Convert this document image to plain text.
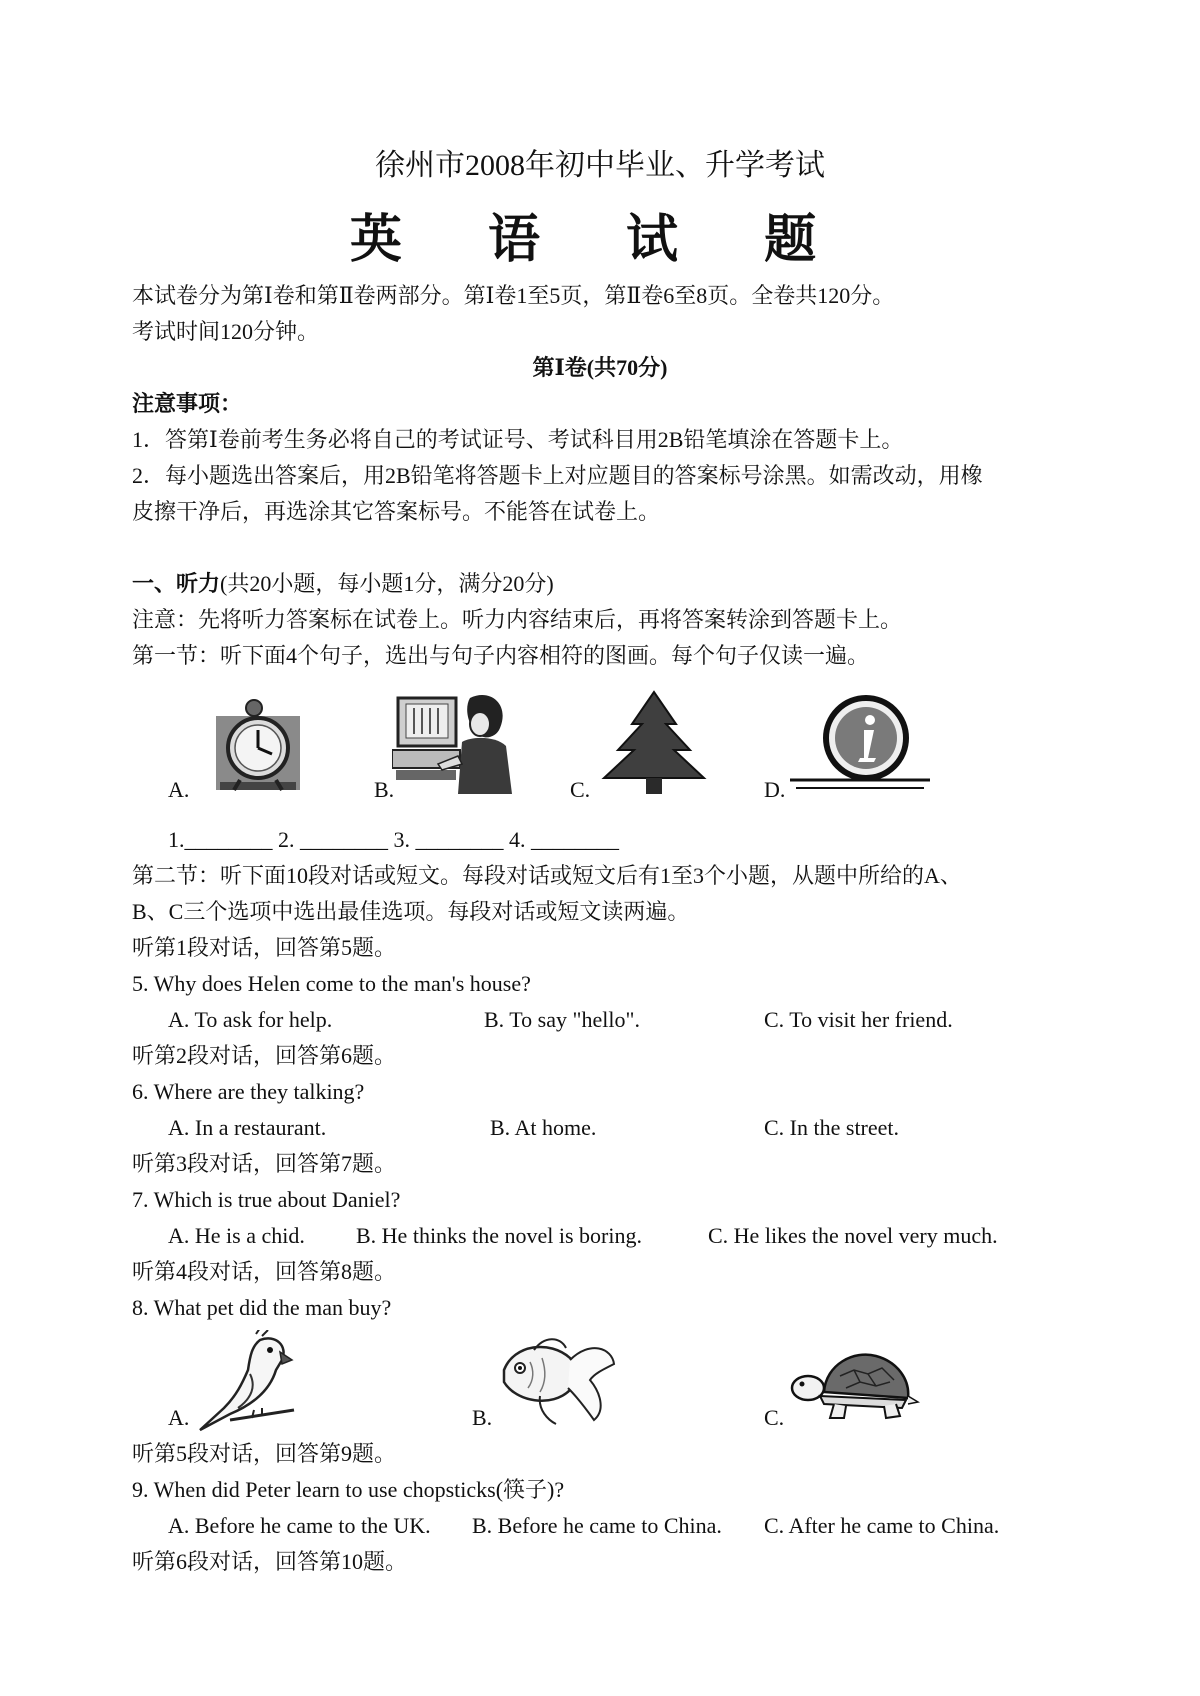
徐州市2008年初中毕业、升学考试
英 语 试 题
本试卷分为第Ⅰ卷和第Ⅱ卷两部分。第Ⅰ卷1至5页，第Ⅱ卷6至8页。全卷共120分。
考试时间120分钟。
第Ⅰ卷(共70分)
注意事项：
1．答第Ⅰ卷前考生务必将自己的考试证号、考试科目用2B铅笔填涂在答题卡上。
2．每小题选出答案后，用2B铅笔将答题卡上对应题目的答案标号涂黑。如需改动，用橡
皮擦干净后，再选涂其它答案标号。不能答在试卷上。
一、听力(共20小题，每小题1分，满分20分)
注意：先将听力答案标在试卷上。听力内容结束后，再将答案转涂到答题卡上。
第一节：听下面4个句子，选出与句子内容相符的图画。每个句子仅读一遍。
A.	B.	C.	D.
1.________ 2. ________ 3. ________ 4. ________
第二节：听下面10段对话或短文。每段对话或短文后有1至3个小题，从题中所给的A、
B、C三个选项中选出最佳选项。每段对话或短文读两遍。
听第1段对话，回答第5题。
5. Why does Helen come to the man's house?
A. To ask for help.	B. To say "hello".	C. To visit her friend.
听第2段对话，回答第6题。
6. Where are they talking?
A. In a restaurant.	B. At home.	C. In the street.
听第3段对话，回答第7题。
7. Which is true about Daniel?
A. He is a chid. B. He thinks the novel is boring.	C. He likes the novel very much.
听第4段对话，回答第8题。
8. What pet did the man buy?
A.	B.	C.
听第5段对话，回答第9题。
9. When did Peter learn to use chopsticks(筷子)?
A. Before he came to the UK. B. Before he came to China. C. After he came to China.
听第6段对话，回答第10题。
